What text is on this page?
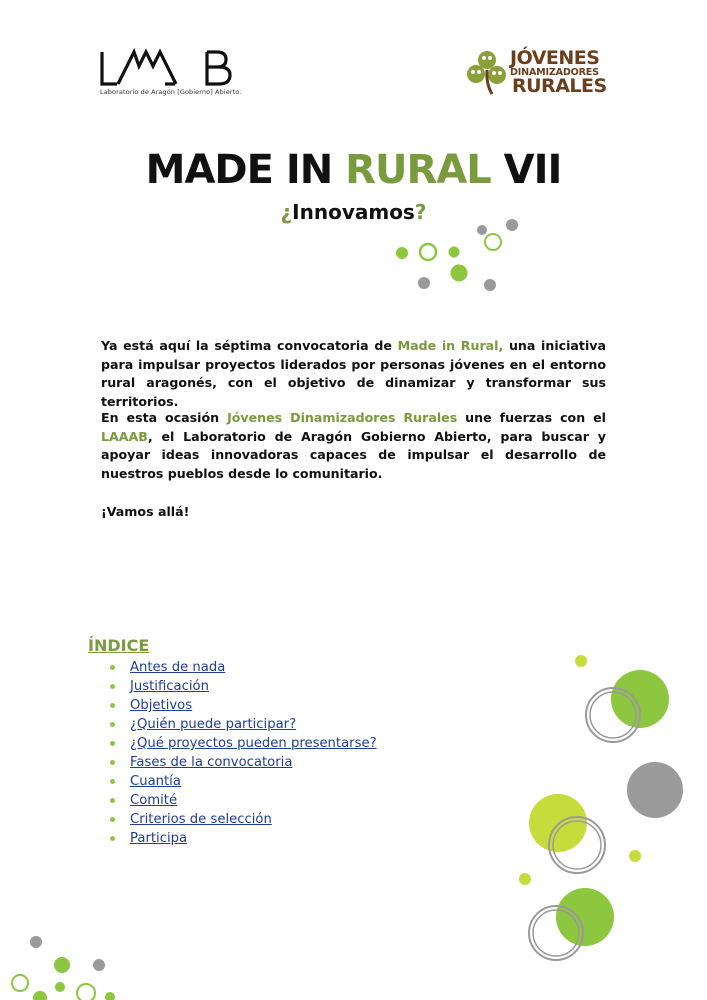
Laboratorio de Aragón [Gobierno] Abierto.
JÓVENES
DINAMIZADORES
RURALES
MADE IN RURAL VII
¿Innovamos?
Ya está aquí la séptima convocatoria de Made in Rural, una iniciativa para impulsar proyectos liderados por personas jóvenes en el entorno rural aragonés, con el objetivo de dinamizar y transformar sus territorios.
En esta ocasión Jóvenes Dinamizadores Rurales une fuerzas con el LAAAB, el Laboratorio de Aragón Gobierno Abierto, para buscar y apoyar ideas innovadoras capaces de impulsar el desarrollo de nuestros pueblos desde lo comunitario.
¡Vamos allá!
ÍNDICE
Antes de nada
Justificación
Objetivos
¿Quién puede participar?
¿Qué proyectos pueden presentarse?
Fases de la convocatoria
Cuantía
Comité
Criterios de selección
Participa
